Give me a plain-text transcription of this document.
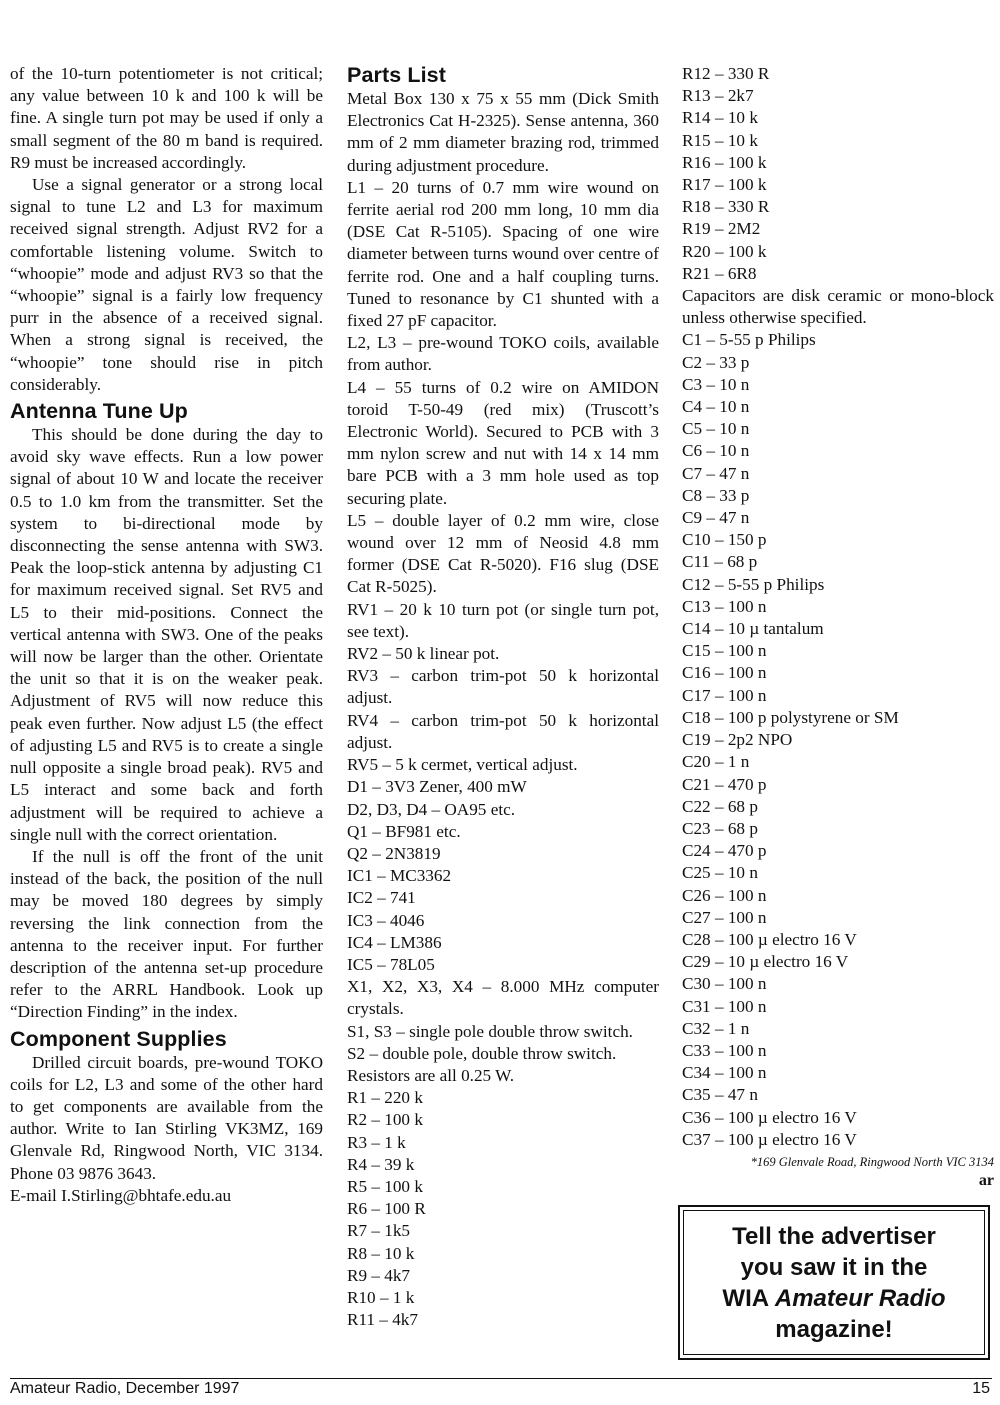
of the 10-turn potentiometer is not critical; any value between 10 k and 100 k will be fine. A single turn pot may be used if only a small segment of the 80 m band is required. R9 must be increased accordingly.

Use a signal generator or a strong local signal to tune L2 and L3 for maximum received signal strength. Adjust RV2 for a comfortable listening volume. Switch to “whoopie” mode and adjust RV3 so that the “whoopie” signal is a fairly low frequency purr in the absence of a received signal. When a strong signal is received, the “whoopie” tone should rise in pitch considerably.

Antenna Tune Up

This should be done during the day to avoid sky wave effects. Run a low power signal of about 10 W and locate the receiver 0.5 to 1.0 km from the transmitter. Set the system to bi-directional mode by disconnecting the sense antenna with SW3. Peak the loop-stick antenna by adjusting C1 for maximum received signal. Set RV5 and L5 to their mid-positions. Connect the vertical antenna with SW3. One of the peaks will now be larger than the other. Orientate the unit so that it is on the weaker peak. Adjustment of RV5 will now reduce this peak even further. Now adjust L5 (the effect of adjusting L5 and RV5 is to create a single null opposite a single broad peak). RV5 and L5 interact and some back and forth adjustment will be required to achieve a single null with the correct orientation.

If the null is off the front of the unit instead of the back, the position of the null may be moved 180 degrees by simply reversing the link connection from the antenna to the receiver input. For further description of the antenna set-up procedure refer to the ARRL Handbook. Look up “Direction Finding” in the index.

Component Supplies

Drilled circuit boards, pre-wound TOKO coils for L2, L3 and some of the other hard to get components are available from the author. Write to Ian Stirling VK3MZ, 169 Glenvale Rd, Ringwood North, VIC 3134. Phone 03 9876 3643.

E-mail I.Stirling@bhtafe.edu.au

Parts List
Metal Box 130 x 75 x 55 mm (Dick Smith Electronics Cat H-2325). Sense antenna, 360 mm of 2 mm diameter brazing rod, trimmed during adjustment procedure.
L1 – 20 turns of 0.7 mm wire wound on ferrite aerial rod 200 mm long, 10 mm dia (DSE Cat R-5105). Spacing of one wire diameter between turns wound over centre of ferrite rod. One and a half coupling turns. Tuned to resonance by C1 shunted with a fixed 27 pF capacitor.
L2, L3 – pre-wound TOKO coils, available from author.
L4 – 55 turns of 0.2 wire on AMIDON toroid T-50-49 (red mix) (Truscott’s Electronic World). Secured to PCB with 3 mm nylon screw and nut with 14 x 14 mm bare PCB with a 3 mm hole used as top securing plate.
L5 – double layer of 0.2 mm wire, close wound over 12 mm of Neosid 4.8 mm former (DSE Cat R-5020). F16 slug (DSE Cat R-5025).
RV1 – 20 k 10 turn pot (or single turn pot, see text).
RV2 – 50 k linear pot.
RV3 – carbon trim-pot 50 k horizontal adjust.
RV4 – carbon trim-pot 50 k horizontal adjust.
RV5 – 5 k cermet, vertical adjust.
D1 – 3V3 Zener, 400 mW
D2, D3, D4 – OA95 etc.
Q1 – BF981 etc.
Q2 – 2N3819
IC1 – MC3362
IC2 – 741
IC3 – 4046
IC4 – LM386
IC5 – 78L05
X1, X2, X3, X4 – 8.000 MHz computer crystals.
S1, S3 – single pole double throw switch.
S2 – double pole, double throw switch.
Resistors are all 0.25 W.
R1 – 220 k
R2 – 100 k
R3 – 1 k
R4 – 39 k
R5 – 100 k
R6 – 100 R
R7 – 1k5
R8 – 10 k
R9 – 4k7
R10 – 1 k
R11 – 4k7
R12 – 330 R
R13 – 2k7
R14 – 10 k
R15 – 10 k
R16 – 100 k
R17 – 100 k
R18 – 330 R
R19 – 2M2
R20 – 100 k
R21 – 6R8
Capacitors are disk ceramic or mono-block unless otherwise specified.
C1 – 5-55 p Philips
C2 – 33 p
C3 – 10 n
C4 – 10 n
C5 – 10 n
C6 – 10 n
C7 – 47 n
C8 – 33 p
C9 – 47 n
C10 – 150 p
C11 – 68 p
C12 – 5-55 p Philips
C13 – 100 n
C14 – 10 µ tantalum
C15 – 100 n
C16 – 100 n
C17 – 100 n
C18 – 100 p polystyrene or SM
C19 – 2p2 NPO
C20 – 1 n
C21 – 470 p
C22 – 68 p
C23 – 68 p
C24 – 470 p
C25 – 10 n
C26 – 100 n
C27 – 100 n
C28 – 100 µ electro 16 V
C29 – 10 µ electro 16 V
C30 – 100 n
C31 – 100 n
C32 – 1 n
C33 – 100 n
C34 – 100 n
C35 – 47 n
C36 – 100 µ electro 16 V
C37 – 100 µ electro 16 V

*169 Glenvale Road, Ringwood North VIC 3134

ar

Tell the advertiser
you saw it in the
WIA Amateur Radio
magazine!
Amateur Radio, December 1997	15
